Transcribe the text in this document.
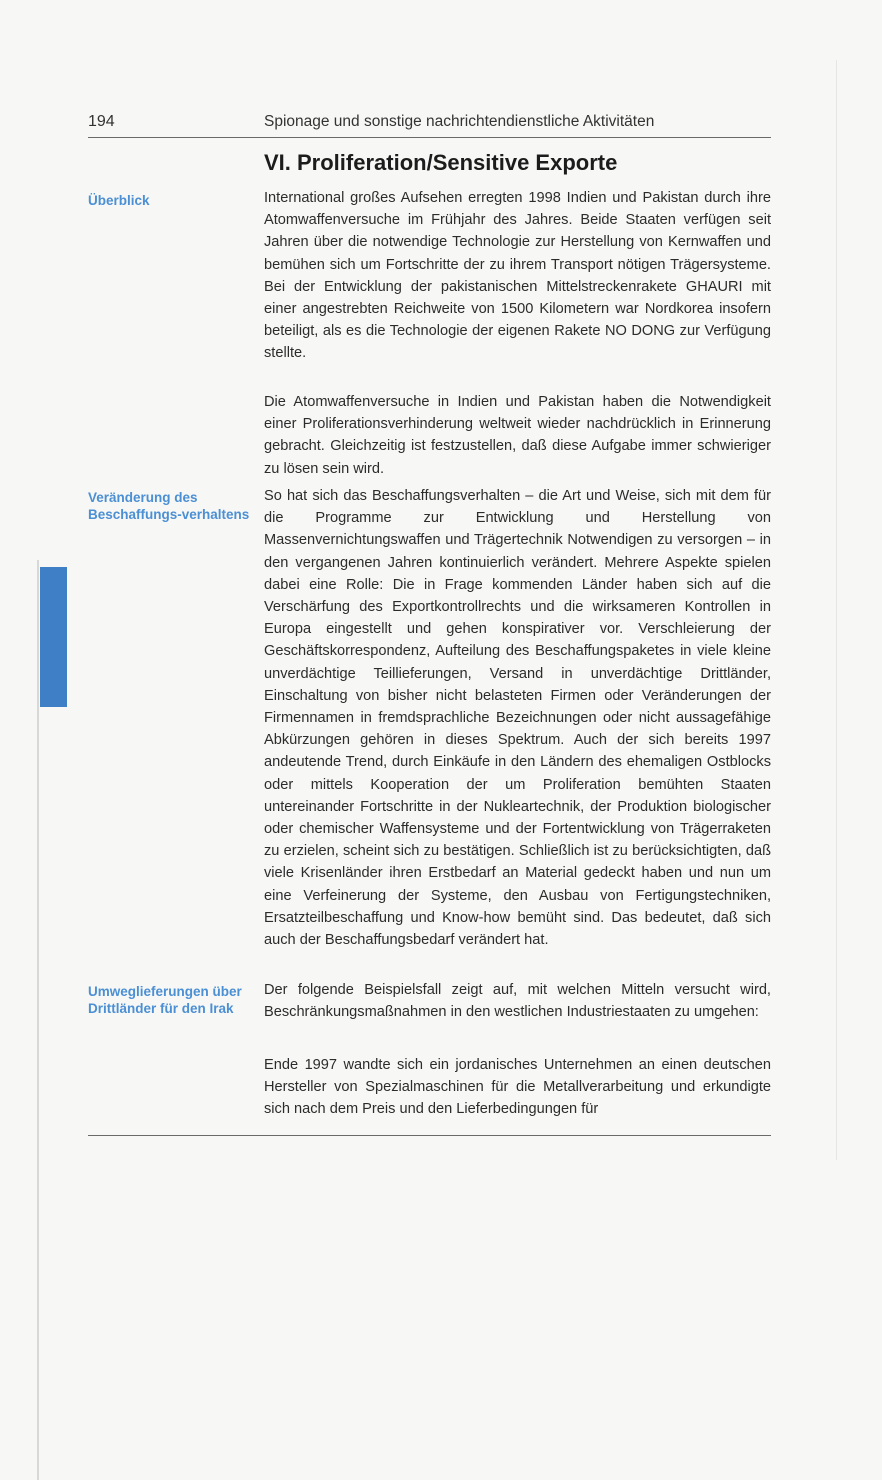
194	Spionage und sonstige nachrichtendienstliche Aktivitäten
VI. Proliferation/Sensitive Exporte
Überblick
Veränderung des Beschaffungs-verhaltens
Umweglieferungen über Drittländer für den Irak

International großes Aufsehen erregten 1998 Indien und Pakistan durch ihre Atomwaffenversuche im Frühjahr des Jahres. Beide Staaten verfügen seit Jahren über die notwendige Technologie zur Herstellung von Kernwaffen und bemühen sich um Fortschritte der zu ihrem Transport nötigen Trägersysteme. Bei der Entwicklung der pakistanischen Mittelstreckenrakete GHAURI mit einer angestrebten Reichweite von 1500 Kilometern war Nordkorea insofern beteiligt, als es die Technologie der eigenen Rakete NO DONG zur Verfügung stellte.

Die Atomwaffenversuche in Indien und Pakistan haben die Notwendigkeit einer Proliferationsverhinderung weltweit wieder nachdrücklich in Erinnerung gebracht. Gleichzeitig ist festzustellen, daß diese Aufgabe immer schwieriger zu lösen sein wird.

So hat sich das Beschaffungsverhalten – die Art und Weise, sich mit dem für die Programme zur Entwicklung und Herstellung von Massenvernichtungswaffen und Trägertechnik Notwendigen zu versorgen – in den vergangenen Jahren kontinuierlich verändert. Mehrere Aspekte spielen dabei eine Rolle: Die in Frage kommenden Länder haben sich auf die Verschärfung des Exportkontrollrechts und die wirksameren Kontrollen in Europa eingestellt und gehen konspirativer vor. Verschleierung der Geschäftskorrespondenz, Aufteilung des Beschaffungspaketes in viele kleine unverdächtige Teillieferungen, Versand in unverdächtige Drittländer, Einschaltung von bisher nicht belasteten Firmen oder Veränderungen der Firmennamen in fremdsprachliche Bezeichnungen oder nicht aussagefähige Abkürzungen gehören in dieses Spektrum. Auch der sich bereits 1997 andeutende Trend, durch Einkäufe in den Ländern des ehemaligen Ostblocks oder mittels Kooperation der um Proliferation bemühten Staaten untereinander Fortschritte in der Nukleartechnik, der Produktion biologischer oder chemischer Waffensysteme und der Fortentwicklung von Trägerraketen zu erzielen, scheint sich zu bestätigen. Schließlich ist zu berücksichtigten, daß viele Krisenländer ihren Erstbedarf an Material gedeckt haben und nun um eine Verfeinerung der Systeme, den Ausbau von Fertigungstechniken, Ersatzteilbeschaffung und Know-how bemüht sind. Das bedeutet, daß sich auch der Beschaffungsbedarf verändert hat.

Der folgende Beispielsfall zeigt auf, mit welchen Mitteln versucht wird, Beschränkungsmaßnahmen in den westlichen Industriestaaten zu umgehen:

Ende 1997 wandte sich ein jordanisches Unternehmen an einen deutschen Hersteller von Spezialmaschinen für die Metallverarbeitung und erkundigte sich nach dem Preis und den Lieferbedingungen für
